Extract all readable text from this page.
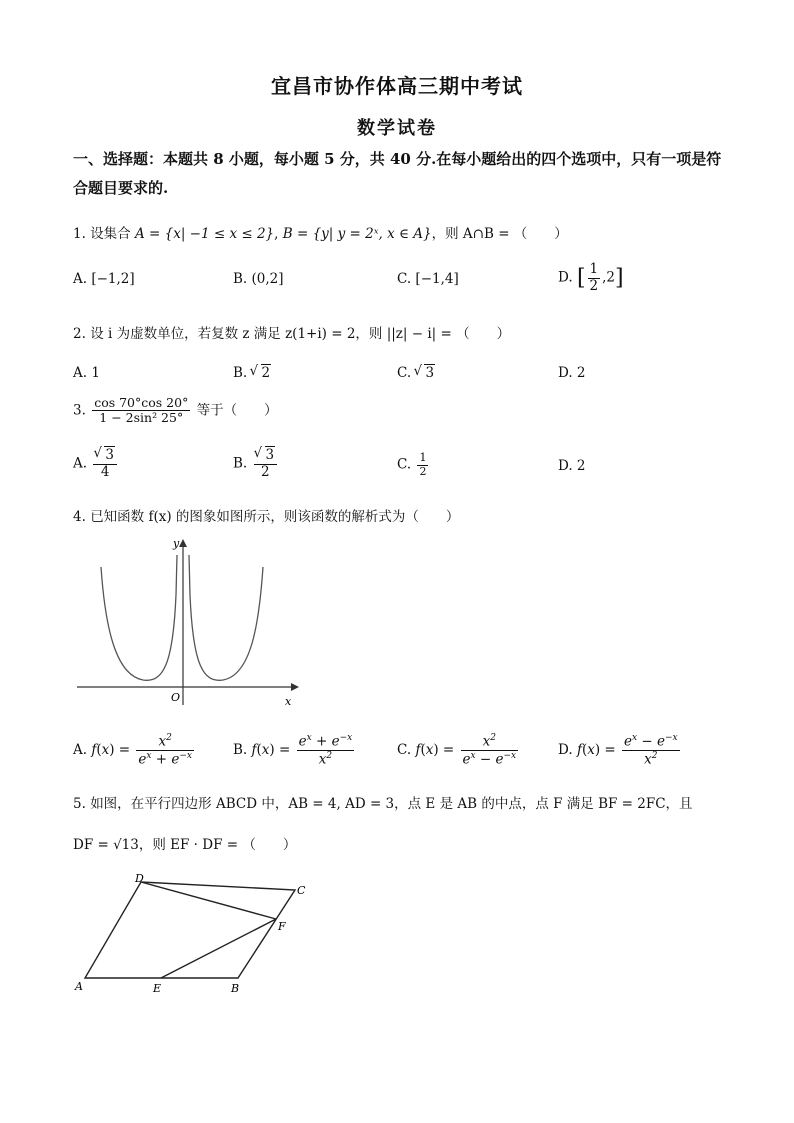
宜昌市协作体高三期中考试
数学试卷
一、选择题：本题共 8 小题，每小题 5 分，共 40 分.在每小题给出的四个选项中，只有一项是符合题目要求的.
1. 设集合 A = {x| −1 ≤ x ≤ 2}, B = {y| y = 2ˣ, x ∈ A}，则 A∩B = （　　）
A. [−1,2]	B. (0,2]	C. [−1,4]	D. [ $\frac{1}{2} ,2$]
2. 设 i 为虚数单位，若复数 z 满足 z(1+i) = 2，则 ||z| − i| = （　　）
A. 1	B. √ 2	C. √ 3	D. 2
3. $\frac{\cos 70^\circ\cos 20^\circ}{\text{1 − 2sin² 25°}}$ 等于（　　）
A. √ $\frac{3}{4}$	B. √ $\frac{3}{2}$	C. $\frac{1}{2}$	D. 2
4. 已知函数 f(x) 的图象如图所示，则该函数的解析式为（　　）
y
x
O
A. $f(x) = \frac{x^2}{e^x + e^{-x}}$	B. $f(x) = \frac{e^x + e^{-x}}{x^2}$	C. $f(x) = \frac{x^2}{e^x - e^{-x}}$	D. $f(x) = \frac{e^x - e^{-x}}{x^2}$
5. 如图，在平行四边形 ABCD 中，AB = 4, AD = 3，点 E 是 AB 的中点，点 F 满足 BF = 2FC，且
DF = √13，则 EF · DF = （　　）
A	E	B
F
C
D
